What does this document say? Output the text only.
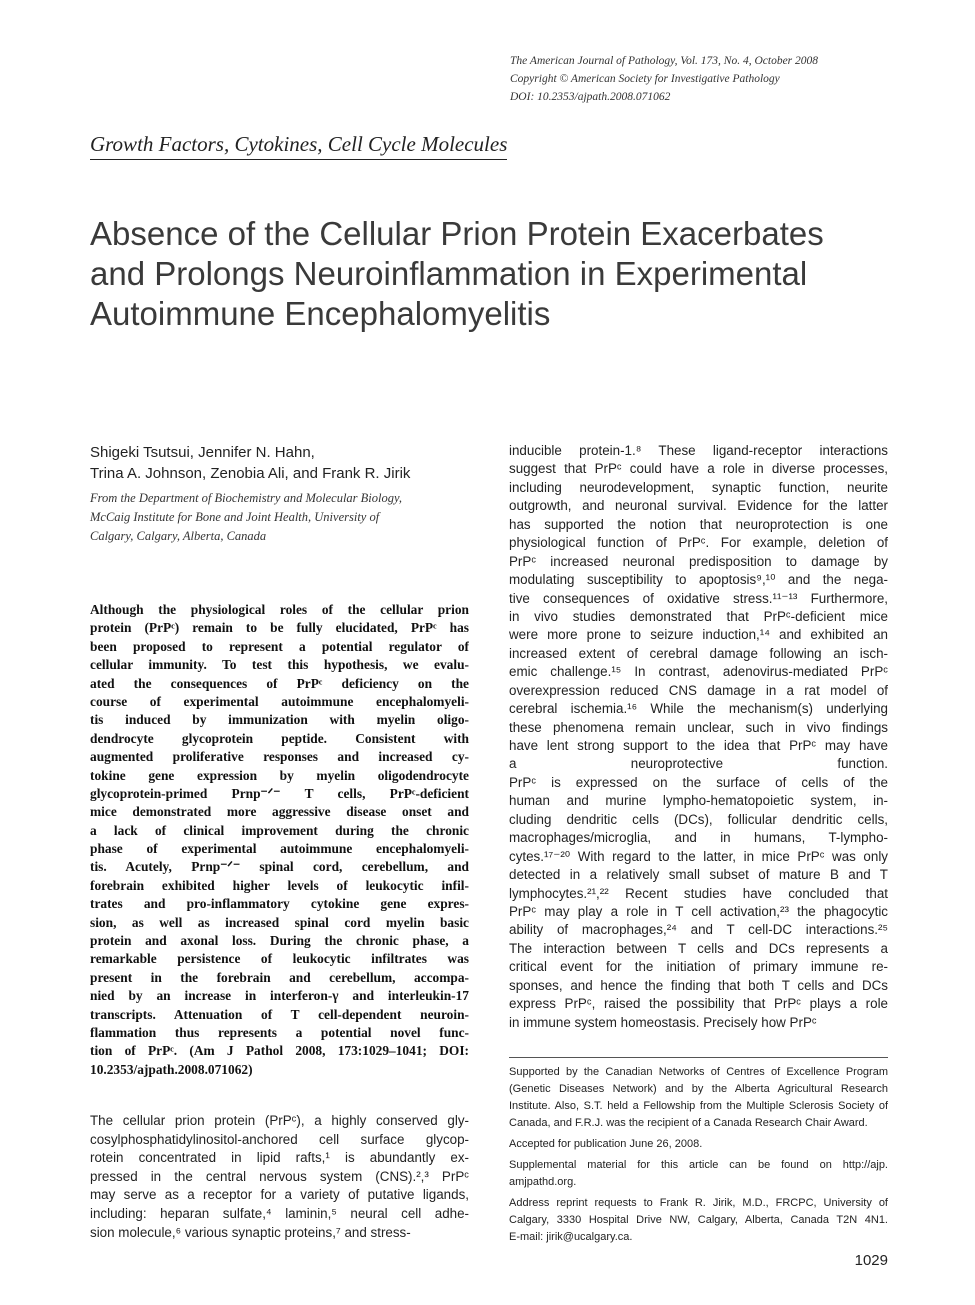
The American Journal of Pathology, Vol. 173, No. 4, October 2008
Copyright © American Society for Investigative Pathology
DOI: 10.2353/ajpath.2008.071062
Growth Factors, Cytokines, Cell Cycle Molecules
Absence of the Cellular Prion Protein Exacerbates
and Prolongs Neuroinflammation in Experimental
Autoimmune Encephalomyelitis
Shigeki Tsutsui, Jennifer N. Hahn,
Trina A. Johnson, Zenobia Ali, and Frank R. Jirik
From the Department of Biochemistry and Molecular Biology,
McCaig Institute for Bone and Joint Health, University of
Calgary, Calgary, Alberta, Canada
Although the physiological roles of the cellular prion
protein (PrPᶜ) remain to be fully elucidated, PrPᶜ has
been proposed to represent a potential regulator of
cellular immunity. To test this hypothesis, we evalu-
ated the consequences of PrPᶜ deficiency on the
course of experimental autoimmune encephalomyeli-
tis induced by immunization with myelin oligo-
dendrocyte glycoprotein peptide. Consistent with
augmented proliferative responses and increased cy-
tokine gene expression by myelin oligodendrocyte
glycoprotein-primed Prnp⁻ᐟ⁻ T cells, PrPᶜ-deficient
mice demonstrated more aggressive disease onset and
a lack of clinical improvement during the chronic
phase of experimental autoimmune encephalomyeli-
tis. Acutely, Prnp⁻ᐟ⁻ spinal cord, cerebellum, and
forebrain exhibited higher levels of leukocytic infil-
trates and pro-inflammatory cytokine gene expres-
sion, as well as increased spinal cord myelin basic
protein and axonal loss. During the chronic phase, a
remarkable persistence of leukocytic infiltrates was
present in the forebrain and cerebellum, accompa-
nied by an increase in interferon-γ and interleukin-17
transcripts. Attenuation of T cell-dependent neuroin-
flammation thus represents a potential novel func-
tion of PrPᶜ. (Am J Pathol 2008, 173:1029–1041; DOI:
10.2353/ajpath.2008.071062)
The cellular prion protein (PrPᶜ), a highly conserved gly-
cosylphosphatidylinositol-anchored cell surface glycop-
rotein concentrated in lipid rafts,¹ is abundantly ex-
pressed in the central nervous system (CNS).²,³ PrPᶜ
may serve as a receptor for a variety of putative ligands,
including: heparan sulfate,⁴ laminin,⁵ neural cell adhe-
sion molecule,⁶ various synaptic proteins,⁷ and stress-
inducible protein-1.⁸ These ligand-receptor interactions
suggest that PrPᶜ could have a role in diverse processes,
including neurodevelopment, synaptic function, neurite
outgrowth, and neuronal survival. Evidence for the latter
has supported the notion that neuroprotection is one
physiological function of PrPᶜ. For example, deletion of
PrPᶜ increased neuronal predisposition to damage by
modulating susceptibility to apoptosis⁹,¹⁰ and the nega-
tive consequences of oxidative stress.¹¹⁻¹³ Furthermore,
in vivo studies demonstrated that PrPᶜ-deficient mice
were more prone to seizure induction,¹⁴ and exhibited an
increased extent of cerebral damage following an isch-
emic challenge.¹⁵ In contrast, adenovirus-mediated PrPᶜ
overexpression reduced CNS damage in a rat model of
cerebral ischemia.¹⁶ While the mechanism(s) underlying
these phenomena remain unclear, such in vivo findings
have lent strong support to the idea that PrPᶜ may have
a neuroprotective function.
PrPᶜ is expressed on the surface of cells of the
human and murine lympho-hematopoietic system, in-
cluding dendritic cells (DCs), follicular dendritic cells,
macrophages/microglia, and in humans, T-lympho-
cytes.¹⁷⁻²⁰ With regard to the latter, in mice PrPᶜ was only
detected in a relatively small subset of mature B and T
lymphocytes.²¹,²² Recent studies have concluded that
PrPᶜ may play a role in T cell activation,²³ the phagocytic
ability of macrophages,²⁴ and T cell-DC interactions.²⁵
The interaction between T cells and DCs represents a
critical event for the initiation of primary immune re-
sponses, and hence the finding that both T cells and DCs
express PrPᶜ, raised the possibility that PrPᶜ plays a role
in immune system homeostasis. Precisely how PrPᶜ
Supported by the Canadian Networks of Centres of Excellence Program
(Genetic Diseases Network) and by the Alberta Agricultural Research
Institute. Also, S.T. held a Fellowship from the Multiple Sclerosis Society of
Canada, and F.R.J. was the recipient of a Canada Research Chair Award.
Accepted for publication June 26, 2008.
Supplemental material for this article can be found on http://ajp.
amjpathd.org.
Address reprint requests to Frank R. Jirik, M.D., FRCPC, University of
Calgary, 3330 Hospital Drive NW, Calgary, Alberta, Canada T2N 4N1.
E-mail: jirik@ucalgary.ca.
1029
